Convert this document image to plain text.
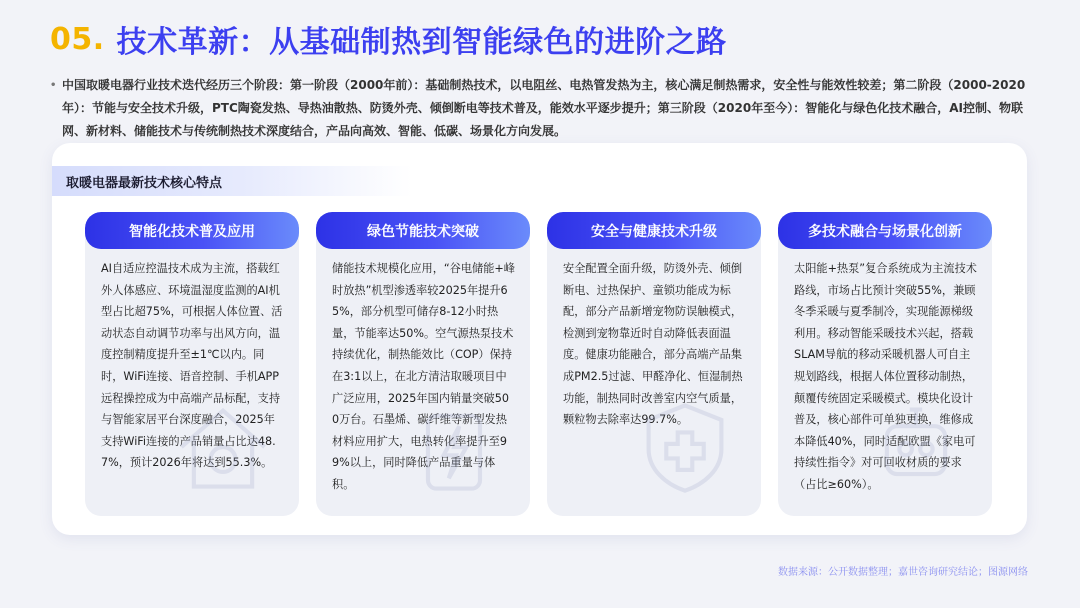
05. 技术革新：从基础制热到智能绿色的进阶之路
• 中国取暖电器行业技术迭代经历三个阶段：第一阶段（2000年前）：基础制热技术，以电阻丝、电热管发热为主，核心满足制热需求，安全性与能效性较差；第二阶段（2000-2020年）：节能与安全技术升级，PTC陶瓷发热、导热油散热、防烫外壳、倾倒断电等技术普及，能效水平逐步提升；第三阶段（2020年至今）：智能化与绿色化技术融合，AI控制、物联网、新材料、储能技术与传统制热技术深度结合，产品向高效、智能、低碳、场景化方向发展。
取暖电器最新技术核心特点
智能化技术普及应用
AI自适应控温技术成为主流，搭载红外人体感应、环境温湿度监测的AI机型占比超75%，可根据人体位置、活动状态自动调节功率与出风方向，温度控制精度提升至±1℃以内。同时，WiFi连接、语音控制、手机APP远程操控成为中高端产品标配，支持与智能家居平台深度融合，2025年支持WiFi连接的产品销量占比达48.7%，预计2026年将达到55.3%。
绿色节能技术突破
储能技术规模化应用，“谷电储能+峰时放热”机型渗透率较2025年提升65%，部分机型可储存8-12小时热量，节能率达50%。空气源热泵技术持续优化，制热能效比（COP）保持在3:1以上，在北方清洁取暖项目中广泛应用，2025年国内销量突破500万台。石墨烯、碳纤维等新型发热材料应用扩大，电热转化率提升至99%以上，同时降低产品重量与体积。
安全与健康技术升级
安全配置全面升级，防烫外壳、倾倒断电、过热保护、童锁功能成为标配，部分产品新增宠物防误触模式，检测到宠物靠近时自动降低表面温度。健康功能融合，部分高端产品集成PM2.5过滤、甲醛净化、恒湿制热功能，制热同时改善室内空气质量，颗粒物去除率达99.7%。
多技术融合与场景化创新
太阳能+热泵”复合系统成为主流技术路线，市场占比预计突破55%，兼顾冬季采暖与夏季制冷，实现能源梯级利用。移动智能采暖技术兴起，搭载SLAM导航的移动采暖机器人可自主规划路线，根据人体位置移动制热，颠覆传统固定采暖模式。模块化设计普及，核心部件可单独更换，维修成本降低40%，同时适配欧盟《家电可持续性指令》对可回收材质的要求（占比≥60%）。
数据来源：公开数据整理；嘉世咨询研究结论；图源网络
